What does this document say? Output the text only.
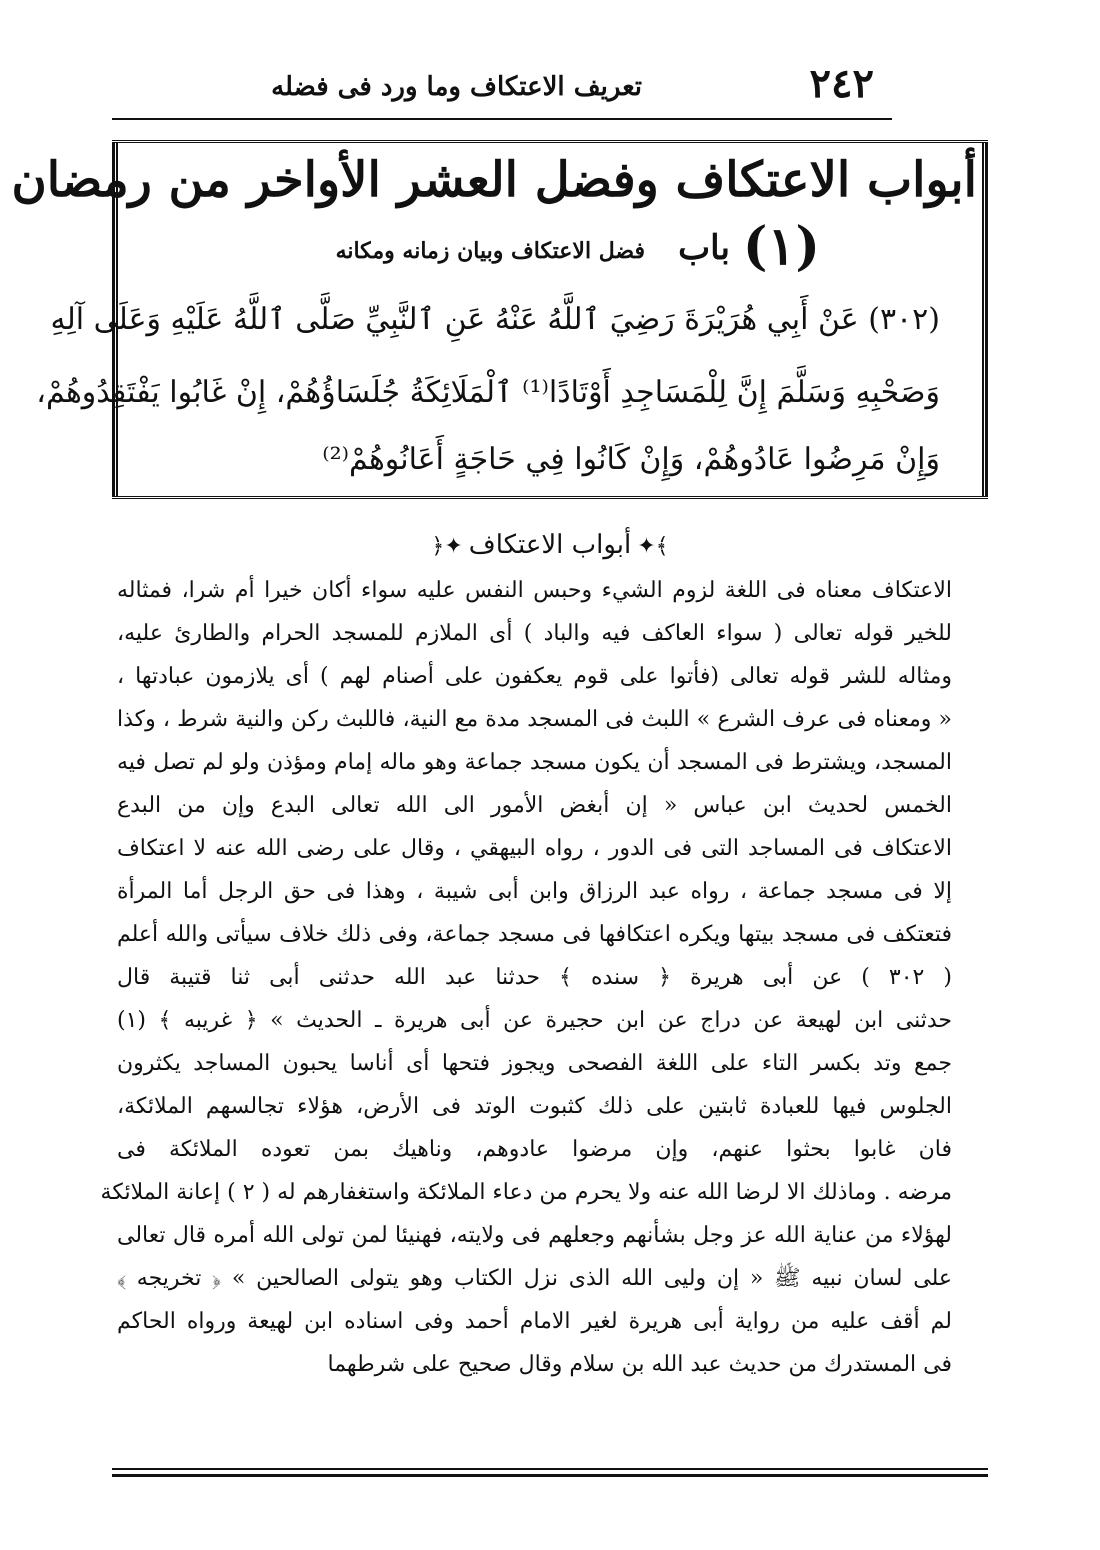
٢٤٢
تعريف الاعتكاف وما ورد فى فضله
أبواب الاعتكاف وفضل العشر الأواخر من رمضان
(١)
باب
فضل الاعتكاف وبيان زمانه ومكانه
(٣٠٢) عَنْ أَبِي هُرَيْرَةَ رَضِيَ ٱللَّهُ عَنْهُ عَنِ ٱلنَّبِيِّ صَلَّى ٱللَّهُ عَلَيْهِ وَعَلَى آلِهِ
وَصَحْبِهِ وَسَلَّمَ إِنَّ لِلْمَسَاجِدِ أَوْتَادًا⁽¹⁾ ٱلْمَلَائِكَةُ جُلَسَاؤُهُمْ، إِنْ غَابُوا يَفْتَقِدُوهُمْ،
وَإِنْ مَرِضُوا عَادُوهُمْ، وَإِنْ كَانُوا فِي حَاجَةٍ أَعَانُوهُمْ⁽²⁾
﴾✦أبواب الاعتكاف✦﴿
الاعتكاف معناه فى اللغة لزوم الشيء وحبس النفس عليه سواء أكان خيرا أم شرا، فمثاله
للخير قوله تعالى ( سواء العاكف فيه والباد ) أى الملازم للمسجد الحرام والطارئ عليه،
ومثاله للشر قوله تعالى (فأتوا على قوم يعكفون على أصنام لهم ) أى يلازمون عبادتها ،
« ومعناه فى عرف الشرع » اللبث فى المسجد مدة مع النية، فاللبث ركن والنية شرط ، وكذا
المسجد، ويشترط فى المسجد أن يكون مسجد جماعة وهو ماله إمام ومؤذن ولو لم تصل فيه
الخمس لحديث ابن عباس « إن أبغض الأمور الى الله تعالى البدع وإن من البدع
الاعتكاف فى المساجد التى فى الدور ، رواه البيهقي ، وقال على رضى الله عنه لا اعتكاف
إلا فى مسجد جماعة ، رواه عبد الرزاق وابن أبى شيبة ، وهذا فى حق الرجل أما المرأة
فتعتكف فى مسجد بيتها ويكره اعتكافها فى مسجد جماعة، وفى ذلك خلاف سيأتى والله أعلم
( ٣٠٢ ) عن أبى هريرة ﴿ سنده ﴾ حدثنا عبد الله حدثنى أبى ثنا قتيبة قال
حدثنى ابن لهيعة عن دراج عن ابن حجيرة عن أبى هريرة ـ الحديث » ﴿ غريبه ﴾ (١)
جمع وتد بكسر التاء على اللغة الفصحى ويجوز فتحها أى أناسا يحبون المساجد يكثرون
الجلوس فيها للعبادة ثابتين على ذلك كثبوت الوتد فى الأرض، هؤلاء تجالسهم الملائكة،
فان غابوا بحثوا عنهم، وإن مرضوا عادوهم، وناهيك بمن تعوده الملائكة فى
مرضه . وماذلك الا لرضا الله عنه ولا يحرم من دعاء الملائكة واستغفارهم له ( ٢ ) إعانة الملائكة
لهؤلاء من عناية الله عز وجل بشأنهم وجعلهم فى ولايته، فهنيئا لمن تولى الله أمره قال تعالى
على لسان نبيه ﷺ « إن وليى الله الذى نزل الكتاب وهو يتولى الصالحين » ﴿ تخريجه ﴾
لم أقف عليه من رواية أبى هريرة لغير الامام أحمد وفى اسناده ابن لهيعة ورواه الحاكم
فى المستدرك من حديث عبد الله بن سلام وقال صحيح على شرطهما
